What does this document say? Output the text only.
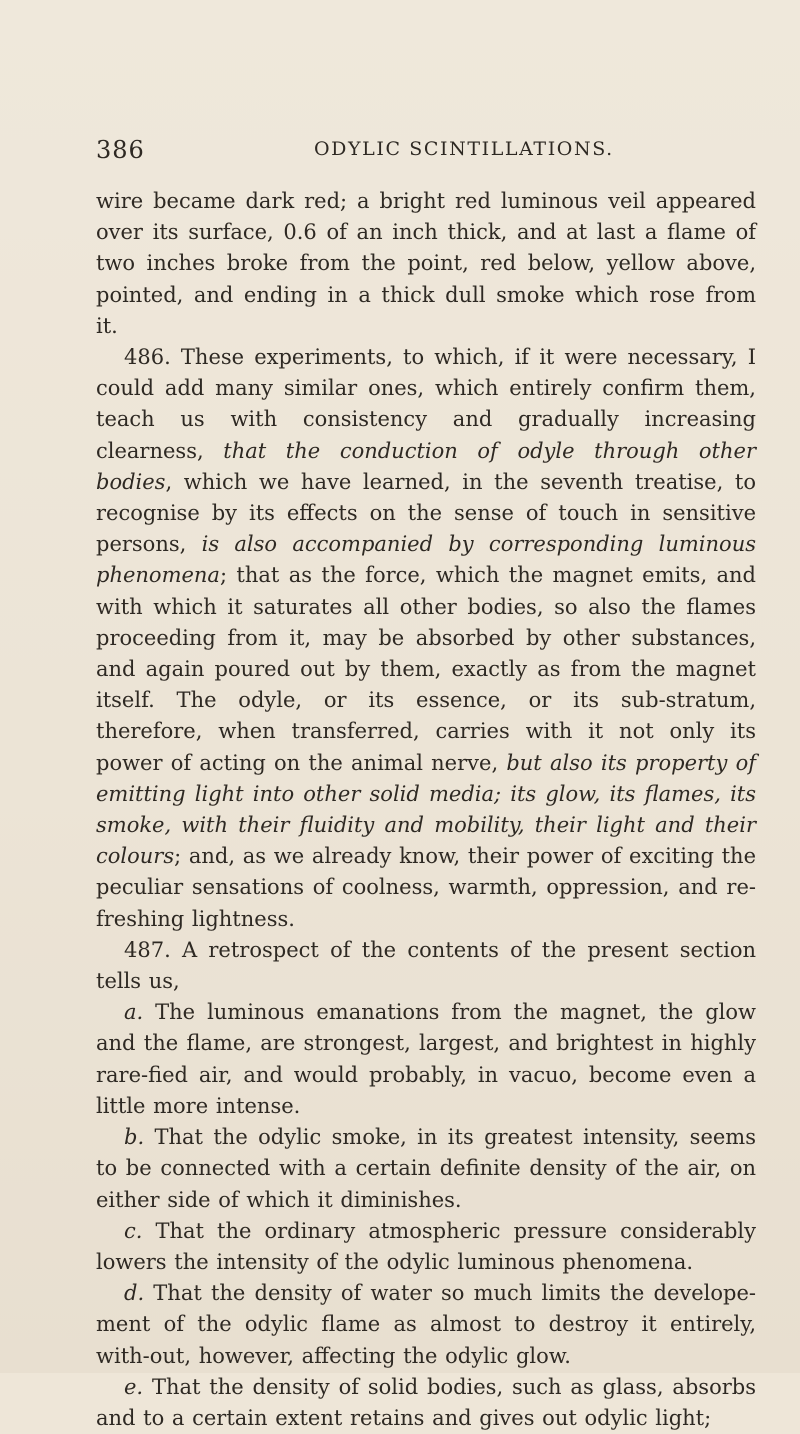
386	ODYLIC SCINTILLATIONS.

wire became dark red; a bright red luminous veil appeared over its surface, 0.6 of an inch thick, and at last a flame of two inches broke from the point, red below, yellow above, pointed, and ending in a thick dull smoke which rose from it.

486. These experiments, to which, if it were necessary, I could add many similar ones, which entirely confirm them, teach us with consistency and gradually increasing clearness, that the conduction of odyle through other bodies, which we have learned, in the seventh treatise, to recognise by its effects on the sense of touch in sensitive persons, is also accompanied by corresponding luminous phenomena; that as the force, which the magnet emits, and with which it saturates all other bodies, so also the flames proceeding from it, may be absorbed by other substances, and again poured out by them, exactly as from the magnet itself. The odyle, or its essence, or its sub-stratum, therefore, when transferred, carries with it not only its power of acting on the animal nerve, but also its property of emitting light into other solid media; its glow, its flames, its smoke, with their fluidity and mobility, their light and their colours; and, as we already know, their power of exciting the peculiar sensations of coolness, warmth, oppression, and re-freshing lightness.

487. A retrospect of the contents of the present section tells us,

a. The luminous emanations from the magnet, the glow and the flame, are strongest, largest, and brightest in highly rare-fied air, and would probably, in vacuo, become even a little more intense.

b. That the odylic smoke, in its greatest intensity, seems to be connected with a certain definite density of the air, on either side of which it diminishes.

c. That the ordinary atmospheric pressure considerably lowers the intensity of the odylic luminous phenomena.

d. That the density of water so much limits the develope-ment of the odylic flame as almost to destroy it entirely, with-out, however, affecting the odylic glow.

e. That the density of solid bodies, such as glass, absorbs and to a certain extent retains and gives out odylic light;
